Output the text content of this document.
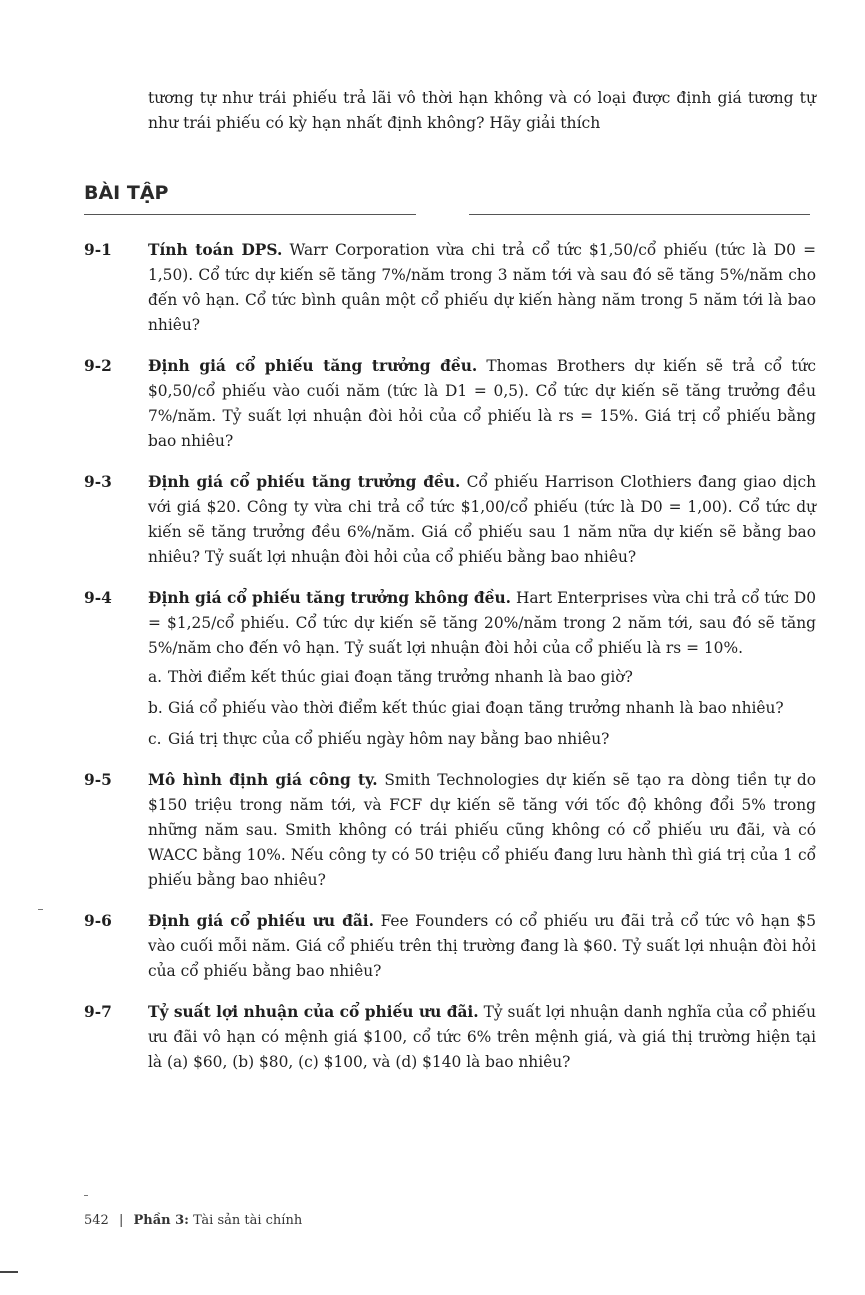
tương tự như trái phiếu trả lãi vô thời hạn không và có loại được định giá tương tự như trái phiếu có kỳ hạn nhất định không? Hãy giải thích

BÀI TẬP
9-1	Tính toán DPS. Warr Corporation vừa chi trả cổ tức $1,50/cổ phiếu (tức là D0 = 1,50). Cổ tức dự kiến sẽ tăng 7%/năm trong 3 năm tới và sau đó sẽ tăng 5%/năm cho đến vô hạn. Cổ tức bình quân một cổ phiếu dự kiến hàng năm trong 5 năm tới là bao nhiêu?
9-2	Định giá cổ phiếu tăng trưởng đều. Thomas Brothers dự kiến sẽ trả cổ tức $0,50/cổ phiếu vào cuối năm (tức là D1 = 0,5). Cổ tức dự kiến sẽ tăng trưởng đều 7%/năm. Tỷ suất lợi nhuận đòi hỏi của cổ phiếu là rs = 15%. Giá trị cổ phiếu bằng bao nhiêu?
9-3	Định giá cổ phiếu tăng trưởng đều. Cổ phiếu Harrison Clothiers đang giao dịch với giá $20. Công ty vừa chi trả cổ tức $1,00/cổ phiếu (tức là D0 = 1,00). Cổ tức dự kiến sẽ tăng trưởng đều 6%/năm. Giá cổ phiếu sau 1 năm nữa dự kiến sẽ bằng bao nhiêu? Tỷ suất lợi nhuận đòi hỏi của cổ phiếu bằng bao nhiêu?
9-4	Định giá cổ phiếu tăng trưởng không đều. Hart Enterprises vừa chi trả cổ tức D0 = $1,25/cổ phiếu. Cổ tức dự kiến sẽ tăng 20%/năm trong 2 năm tới, sau đó sẽ tăng 5%/năm cho đến vô hạn. Tỷ suất lợi nhuận đòi hỏi của cổ phiếu là rs = 10%.
a. Thời điểm kết thúc giai đoạn tăng trưởng nhanh là bao giờ?
b. Giá cổ phiếu vào thời điểm kết thúc giai đoạn tăng trưởng nhanh là bao nhiêu?
c. Giá trị thực của cổ phiếu ngày hôm nay bằng bao nhiêu?
9-5	Mô hình định giá công ty. Smith Technologies dự kiến sẽ tạo ra dòng tiền tự do $150 triệu trong năm tới, và FCF dự kiến sẽ tăng với tốc độ không đổi 5% trong những năm sau. Smith không có trái phiếu cũng không có cổ phiếu ưu đãi, và có WACC bằng 10%. Nếu công ty có 50 triệu cổ phiếu đang lưu hành thì giá trị của 1 cổ phiếu bằng bao nhiêu?
9-6	Định giá cổ phiếu ưu đãi. Fee Founders có cổ phiếu ưu đãi trả cổ tức vô hạn $5 vào cuối mỗi năm. Giá cổ phiếu trên thị trường đang là $60. Tỷ suất lợi nhuận đòi hỏi của cổ phiếu bằng bao nhiêu?
9-7	Tỷ suất lợi nhuận của cổ phiếu ưu đãi. Tỷ suất lợi nhuận danh nghĩa của cổ phiếu ưu đãi vô hạn có mệnh giá $100, cổ tức 6% trên mệnh giá, và giá thị trường hiện tại là (a) $60, (b) $80, (c) $100, và (d) $140 là bao nhiêu?
542 | Phần 3: Tài sản tài chính
